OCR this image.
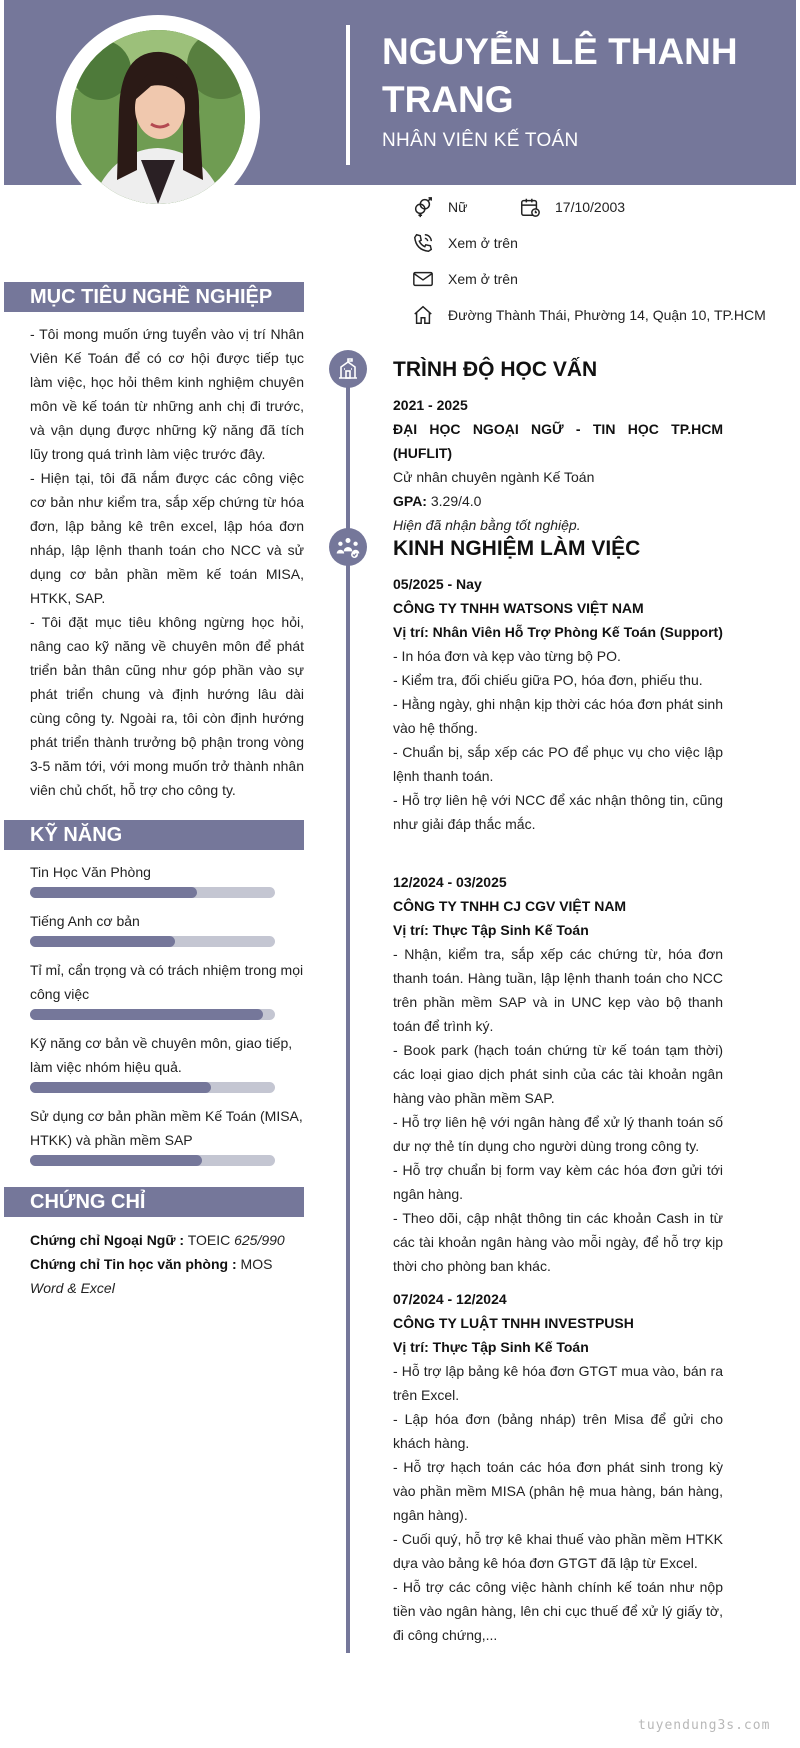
NGUYỄN LÊ THANH TRANG
NHÂN VIÊN KẾ TOÁN
Nữ	17/10/2003
Xem ở trên
Xem ở trên
Đường Thành Thái, Phường 14, Quận 10, TP.HCM
MỤC TIÊU NGHỀ NGHIỆP
- Tôi mong muốn ứng tuyển vào vị trí Nhân Viên Kế Toán để có cơ hội được tiếp tục làm việc, học hỏi thêm kinh nghiệm chuyên môn về kế toán từ những anh chị đi trước, và vận dụng được những kỹ năng đã tích lũy trong quá trình làm việc trước đây.
- Hiện tại, tôi đã nắm được các công việc cơ bản như kiểm tra, sắp xếp chứng từ hóa đơn, lập bảng kê trên excel, lập hóa đơn nháp, lập lệnh thanh toán cho NCC và sử dụng cơ bản phần mềm kế toán MISA, HTKK, SAP.
- Tôi đặt mục tiêu không ngừng học hỏi, nâng cao kỹ năng về chuyên môn để phát triển bản thân cũng như góp phần vào sự phát triển chung và định hướng lâu dài cùng công ty. Ngoài ra, tôi còn định hướng phát triển thành trưởng bộ phận trong vòng 3-5 năm tới, với mong muốn trở thành nhân viên chủ chốt, hỗ trợ cho công ty.
KỸ NĂNG
Tin Học Văn Phòng
Tiếng Anh cơ bản
Tỉ mỉ, cẩn trọng và có trách nhiệm trong mọi công việc
Kỹ năng cơ bản về chuyên môn, giao tiếp, làm việc nhóm hiệu quả.
Sử dụng cơ bản phần mềm Kế Toán (MISA, HTKK) và phần mềm SAP
CHỨNG CHỈ
Chứng chỉ Ngoại Ngữ : TOEIC 625/990
Chứng chỉ Tin học văn phòng : MOS Word & Excel
TRÌNH ĐỘ HỌC VẤN
2021 - 2025
ĐẠI HỌC NGOẠI NGỮ - TIN HỌC TP.HCM (HUFLIT)
Cử nhân chuyên ngành Kế Toán
GPA: 3.29/4.0
Hiện đã nhận bằng tốt nghiệp.
KINH NGHIỆM LÀM VIỆC
05/2025 - Nay
CÔNG TY TNHH WATSONS VIỆT NAM
Vị trí: Nhân Viên Hỗ Trợ Phòng Kế Toán (Support)
- In hóa đơn và kẹp vào từng bộ PO.
- Kiểm tra, đối chiếu giữa PO, hóa đơn, phiếu thu.
- Hằng ngày, ghi nhận kịp thời các hóa đơn phát sinh vào hệ thống.
- Chuẩn bị, sắp xếp các PO để phục vụ cho việc lập lệnh thanh toán.
- Hỗ trợ liên hệ với NCC để xác nhận thông tin, cũng như giải đáp thắc mắc.
12/2024 - 03/2025
CÔNG TY TNHH CJ CGV VIỆT NAM
Vị trí: Thực Tập Sinh Kế Toán
- Nhận, kiểm tra, sắp xếp các chứng từ, hóa đơn thanh toán. Hàng tuần, lập lệnh thanh toán cho NCC trên phần mềm SAP và in UNC kẹp vào bộ thanh toán để trình ký.
- Book park (hạch toán chứng từ kế toán tạm thời) các loại giao dịch phát sinh của các tài khoản ngân hàng vào phần mềm SAP.
- Hỗ trợ liên hệ với ngân hàng để xử lý thanh toán số dư nợ thẻ tín dụng cho người dùng trong công ty.
- Hỗ trợ chuẩn bị form vay kèm các hóa đơn gửi tới ngân hàng.
- Theo dõi, cập nhật thông tin các khoản Cash in từ các tài khoản ngân hàng vào mỗi ngày, để hỗ trợ kịp thời cho phòng ban khác.
07/2024 - 12/2024
CÔNG TY LUẬT TNHH INVESTPUSH
Vị trí: Thực Tập Sinh Kế Toán
- Hỗ trợ lập bảng kê hóa đơn GTGT mua vào, bán ra trên Excel.
- Lập hóa đơn (bảng nháp) trên Misa để gửi cho khách hàng.
- Hỗ trợ hạch toán các hóa đơn phát sinh trong kỳ vào phần mềm MISA (phân hệ mua hàng, bán hàng, ngân hàng).
- Cuối quý, hỗ trợ kê khai thuế vào phần mềm HTKK dựa vào bảng kê hóa đơn GTGT đã lập từ Excel.
- Hỗ trợ các công việc hành chính kế toán như nộp tiền vào ngân hàng, lên chi cục thuế để xử lý giấy tờ, đi công chứng,...
tuyendung3s.com
